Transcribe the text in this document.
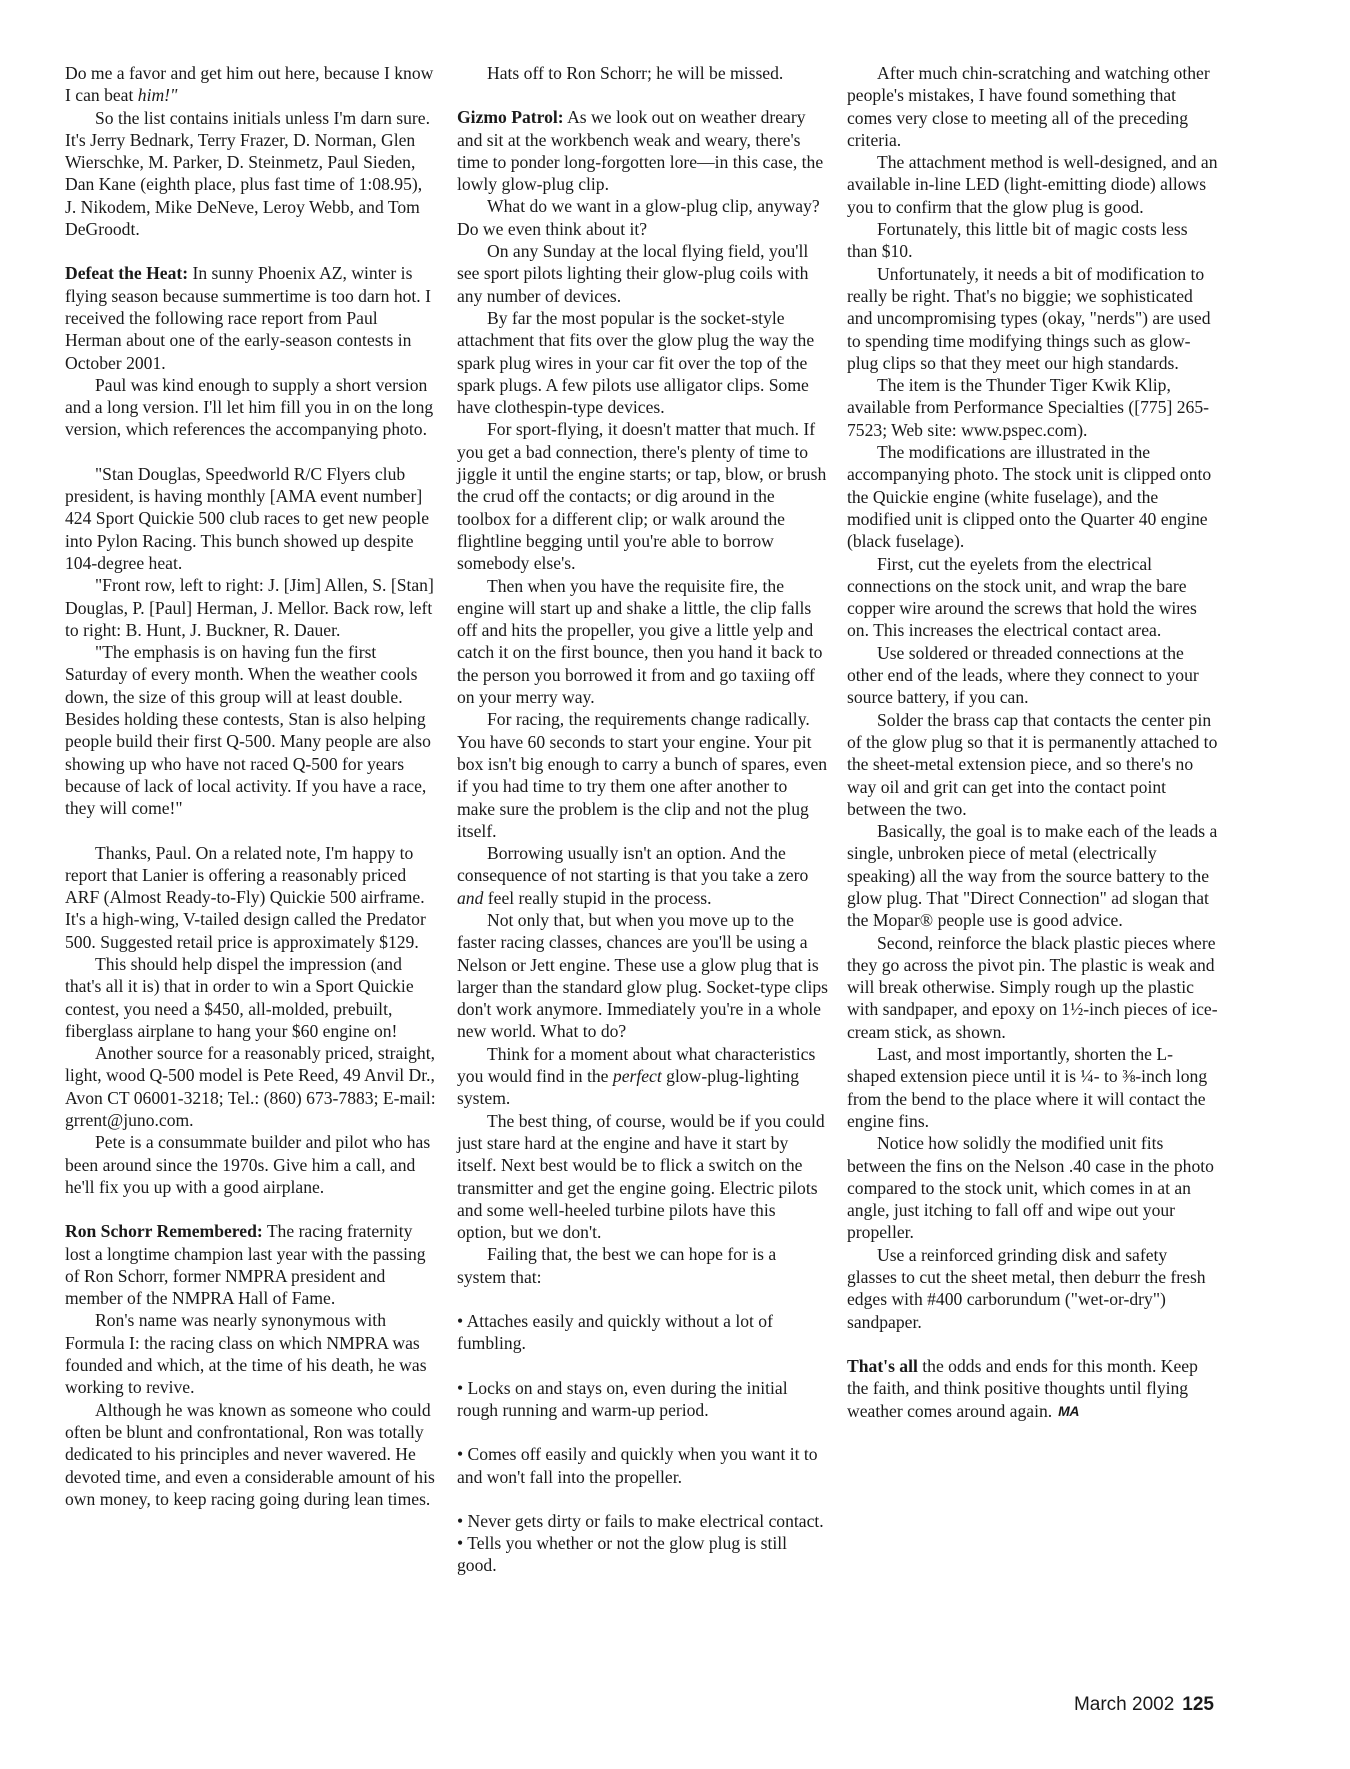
Do me a favor and get him out here, because I know I can beat him!"

So the list contains initials unless I'm darn sure. It's Jerry Bednark, Terry Frazer, D. Norman, Glen Wierschke, M. Parker, D. Steinmetz, Paul Sieden, Dan Kane (eighth place, plus fast time of 1:08.95), J. Nikodem, Mike DeNeve, Leroy Webb, and Tom DeGroodt.

Defeat the Heat: In sunny Phoenix AZ, winter is flying season because summertime is too darn hot. I received the following race report from Paul Herman about one of the early-season contests in October 2001.

Paul was kind enough to supply a short version and a long version. I'll let him fill you in on the long version, which references the accompanying photo.

"Stan Douglas, Speedworld R/C Flyers club president, is having monthly [AMA event number] 424 Sport Quickie 500 club races to get new people into Pylon Racing. This bunch showed up despite 104-degree heat.

"Front row, left to right: J. [Jim] Allen, S. [Stan] Douglas, P. [Paul] Herman, J. Mellor. Back row, left to right: B. Hunt, J. Buckner, R. Dauer.

"The emphasis is on having fun the first Saturday of every month. When the weather cools down, the size of this group will at least double. Besides holding these contests, Stan is also helping people build their first Q-500. Many people are also showing up who have not raced Q-500 for years because of lack of local activity. If you have a race, they will come!"

Thanks, Paul. On a related note, I'm happy to report that Lanier is offering a reasonably priced ARF (Almost Ready-to-Fly) Quickie 500 airframe. It's a high-wing, V-tailed design called the Predator 500. Suggested retail price is approximately $129.

This should help dispel the impression (and that's all it is) that in order to win a Sport Quickie contest, you need a $450, all-molded, prebuilt, fiberglass airplane to hang your $60 engine on!

Another source for a reasonably priced, straight, light, wood Q-500 model is Pete Reed, 49 Anvil Dr., Avon CT 06001-3218; Tel.: (860) 673-7883; E-mail: grrent@juno.com.

Pete is a consummate builder and pilot who has been around since the 1970s. Give him a call, and he'll fix you up with a good airplane.

Ron Schorr Remembered: The racing fraternity lost a longtime champion last year with the passing of Ron Schorr, former NMPRA president and member of the NMPRA Hall of Fame.

Ron's name was nearly synonymous with Formula I: the racing class on which NMPRA was founded and which, at the time of his death, he was working to revive.

Although he was known as someone who could often be blunt and confrontational, Ron was totally dedicated to his principles and never wavered. He devoted time, and even a considerable amount of his own money, to keep racing going during lean times.

Hats off to Ron Schorr; he will be missed.

Gizmo Patrol: As we look out on weather dreary and sit at the workbench weak and weary, there's time to ponder long-forgotten lore—in this case, the lowly glow-plug clip.

What do we want in a glow-plug clip, anyway? Do we even think about it?

On any Sunday at the local flying field, you'll see sport pilots lighting their glow-plug coils with any number of devices.

By far the most popular is the socket-style attachment that fits over the glow plug the way the spark plug wires in your car fit over the top of the spark plugs. A few pilots use alligator clips. Some have clothespin-type devices.

For sport-flying, it doesn't matter that much. If you get a bad connection, there's plenty of time to jiggle it until the engine starts; or tap, blow, or brush the crud off the contacts; or dig around in the toolbox for a different clip; or walk around the flightline begging until you're able to borrow somebody else's.

Then when you have the requisite fire, the engine will start up and shake a little, the clip falls off and hits the propeller, you give a little yelp and catch it on the first bounce, then you hand it back to the person you borrowed it from and go taxiing off on your merry way.

For racing, the requirements change radically. You have 60 seconds to start your engine. Your pit box isn't big enough to carry a bunch of spares, even if you had time to try them one after another to make sure the problem is the clip and not the plug itself.

Borrowing usually isn't an option. And the consequence of not starting is that you take a zero and feel really stupid in the process.

Not only that, but when you move up to the faster racing classes, chances are you'll be using a Nelson or Jett engine. These use a glow plug that is larger than the standard glow plug. Socket-type clips don't work anymore. Immediately you're in a whole new world. What to do?

Think for a moment about what characteristics you would find in the perfect glow-plug-lighting system.

The best thing, of course, would be if you could just stare hard at the engine and have it start by itself. Next best would be to flick a switch on the transmitter and get the engine going. Electric pilots and some well-heeled turbine pilots have this option, but we don't.

Failing that, the best we can hope for is a system that:

• Attaches easily and quickly without a lot of fumbling.

• Locks on and stays on, even during the initial rough running and warm-up period.

• Comes off easily and quickly when you want it to and won't fall into the propeller.

• Never gets dirty or fails to make electrical contact.

• Tells you whether or not the glow plug is still good.

After much chin-scratching and watching other people's mistakes, I have found something that comes very close to meeting all of the preceding criteria.

The attachment method is well-designed, and an available in-line LED (light-emitting diode) allows you to confirm that the glow plug is good.

Fortunately, this little bit of magic costs less than $10.

Unfortunately, it needs a bit of modification to really be right. That's no biggie; we sophisticated and uncompromising types (okay, "nerds") are used to spending time modifying things such as glow-plug clips so that they meet our high standards.

The item is the Thunder Tiger Kwik Klip, available from Performance Specialties ([775] 265-7523; Web site: www.pspec.com).

The modifications are illustrated in the accompanying photo. The stock unit is clipped onto the Quickie engine (white fuselage), and the modified unit is clipped onto the Quarter 40 engine (black fuselage).

First, cut the eyelets from the electrical connections on the stock unit, and wrap the bare copper wire around the screws that hold the wires on. This increases the electrical contact area.

Use soldered or threaded connections at the other end of the leads, where they connect to your source battery, if you can.

Solder the brass cap that contacts the center pin of the glow plug so that it is permanently attached to the sheet-metal extension piece, and so there's no way oil and grit can get into the contact point between the two.

Basically, the goal is to make each of the leads a single, unbroken piece of metal (electrically speaking) all the way from the source battery to the glow plug. That "Direct Connection" ad slogan that the Mopar® people use is good advice.

Second, reinforce the black plastic pieces where they go across the pivot pin. The plastic is weak and will break otherwise. Simply rough up the plastic with sandpaper, and epoxy on 1½-inch pieces of ice-cream stick, as shown.

Last, and most importantly, shorten the L-shaped extension piece until it is ¼- to ⅜-inch long from the bend to the place where it will contact the engine fins.

Notice how solidly the modified unit fits between the fins on the Nelson .40 case in the photo compared to the stock unit, which comes in at an angle, just itching to fall off and wipe out your propeller.

Use a reinforced grinding disk and safety glasses to cut the sheet metal, then deburr the fresh edges with #400 carborundum ("wet-or-dry") sandpaper.

That's all the odds and ends for this month. Keep the faith, and think positive thoughts until flying weather comes around again. MA

March 2002 125
